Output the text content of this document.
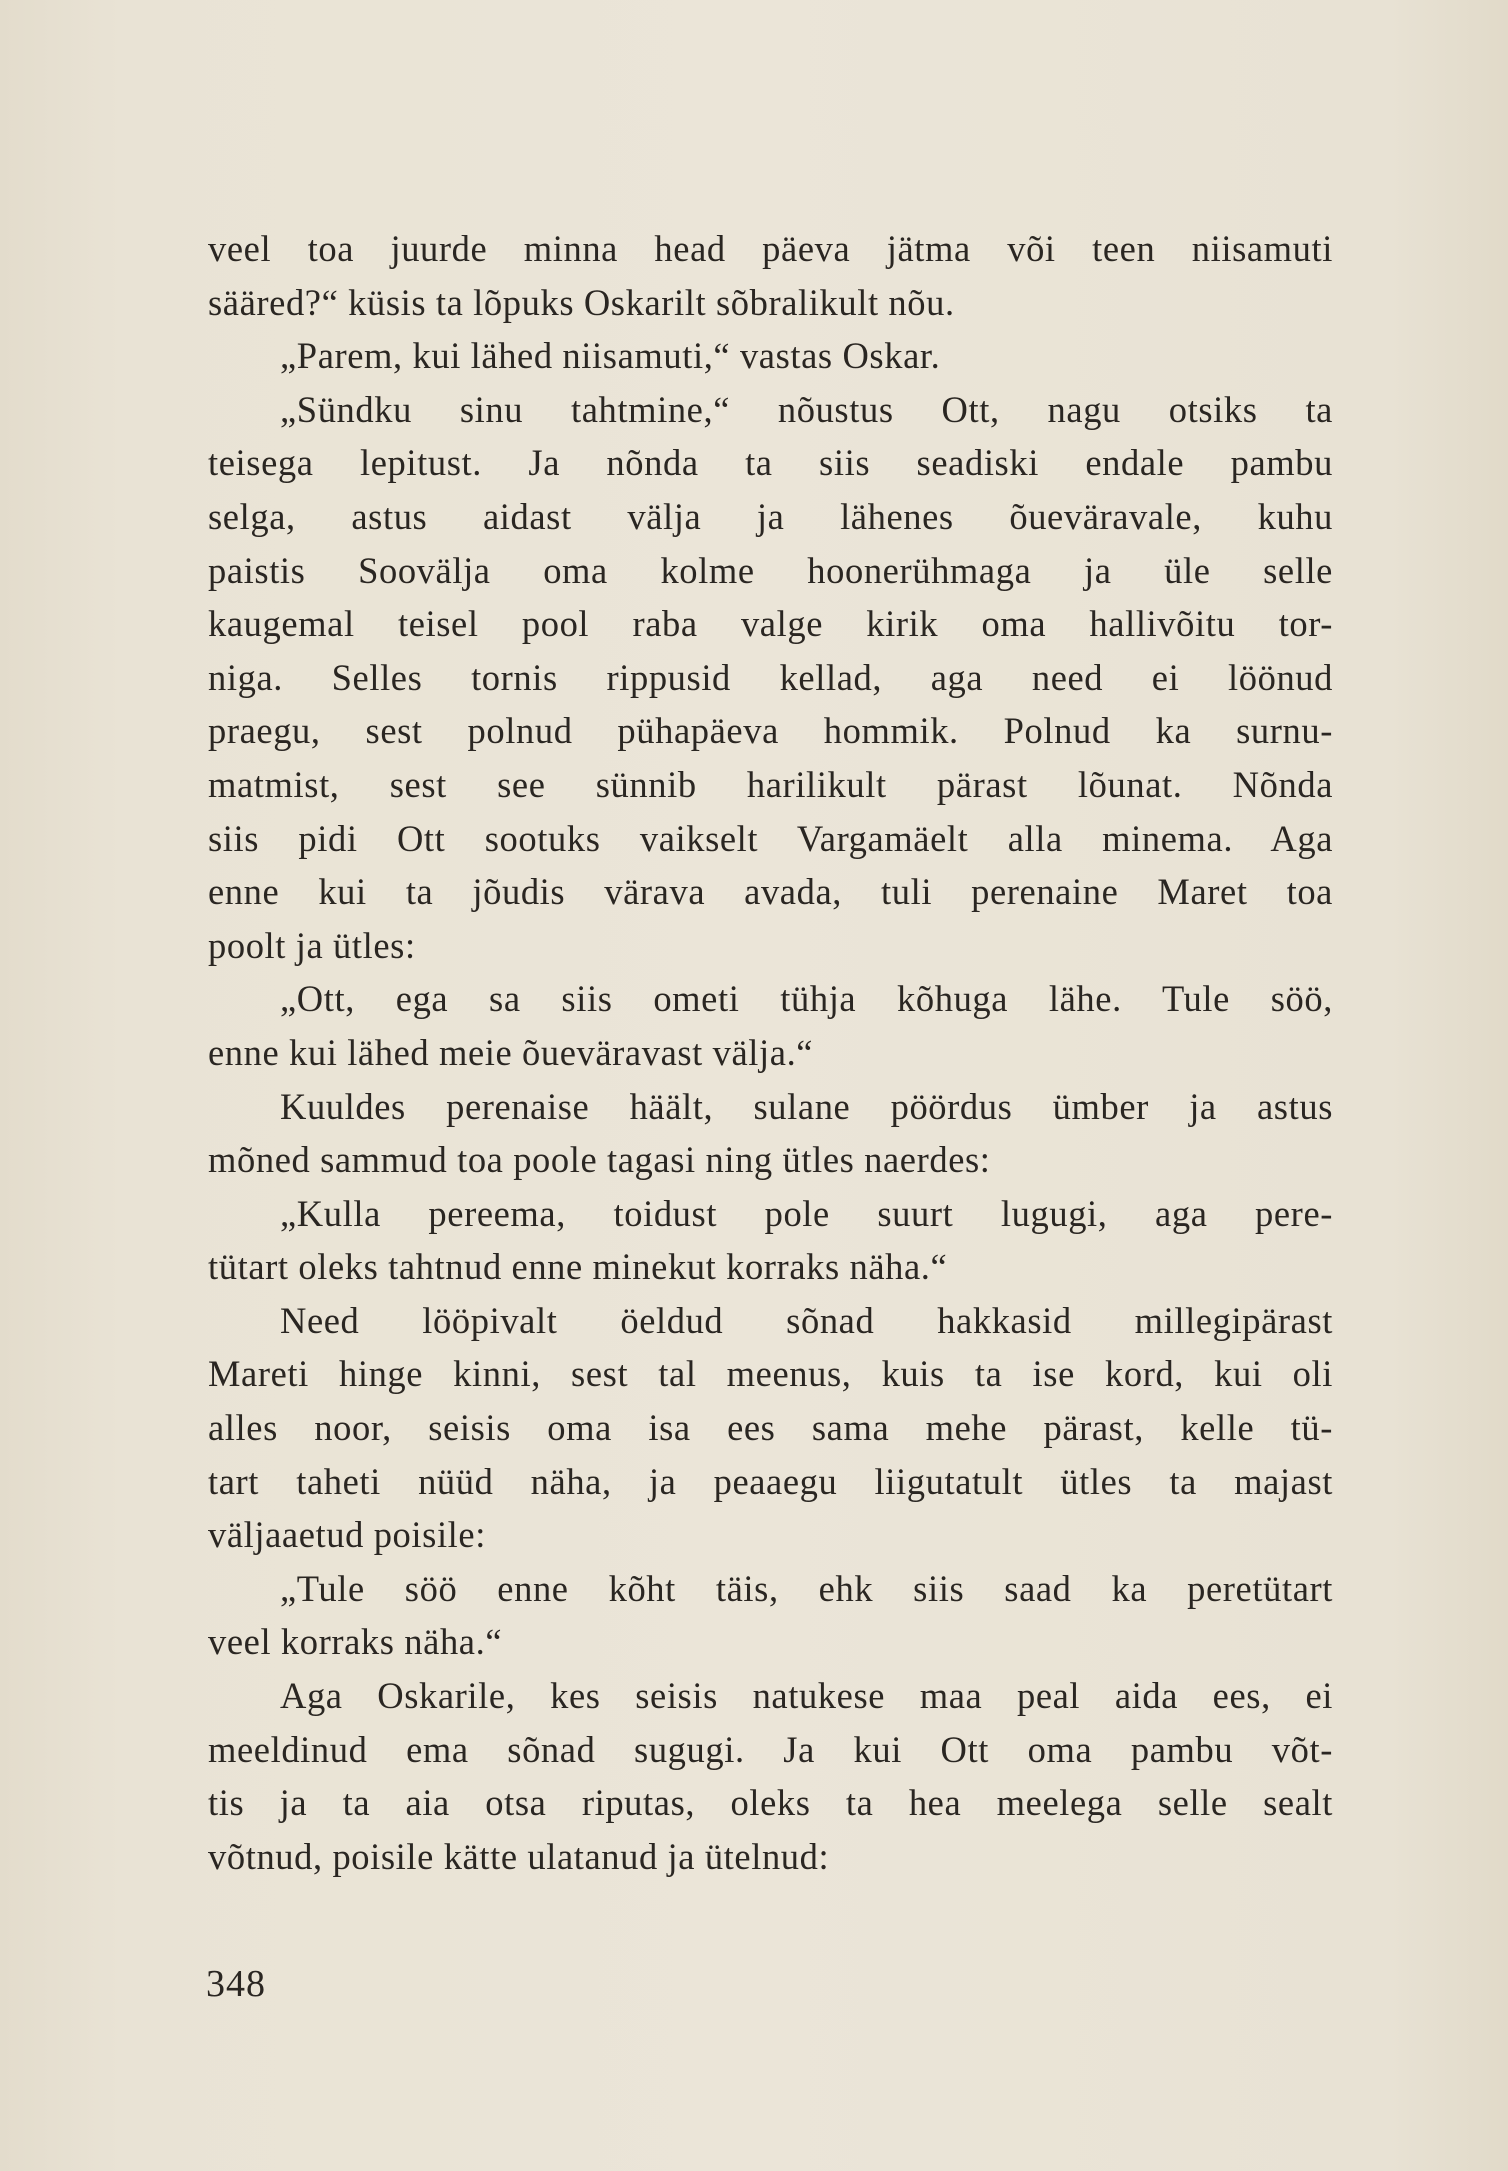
veel toa juurde minna head päeva jätma või teen niisamuti
sääred?“ küsis ta lõpuks Oskarilt sõbralikult nõu.
„Parem, kui lähed niisamuti,“ vastas Oskar.
„Sündku sinu tahtmine,“ nõustus Ott, nagu otsiks ta
teisega lepitust. Ja nõnda ta siis seadiski endale pambu
selga, astus aidast välja ja lähenes õueväravale, kuhu
paistis Soovälja oma kolme hoonerühmaga ja üle selle
kaugemal teisel pool raba valge kirik oma hallivõitu tor-
niga. Selles tornis rippusid kellad, aga need ei löönud
praegu, sest polnud pühapäeva hommik. Polnud ka surnu-
matmist, sest see sünnib harilikult pärast lõunat. Nõnda
siis pidi Ott sootuks vaikselt Vargamäelt alla minema. Aga
enne kui ta jõudis värava avada, tuli perenaine Maret toa
poolt ja ütles:
„Ott, ega sa siis ometi tühja kõhuga lähe. Tule söö,
enne kui lähed meie õueväravast välja.“
Kuuldes perenaise häält, sulane pöördus ümber ja astus
mõned sammud toa poole tagasi ning ütles naerdes:
„Kulla pereema, toidust pole suurt lugugi, aga pere-
tütart oleks tahtnud enne minekut korraks näha.“
Need lööpivalt öeldud sõnad hakkasid millegipärast
Mareti hinge kinni, sest tal meenus, kuis ta ise kord, kui oli
alles noor, seisis oma isa ees sama mehe pärast, kelle tü-
tart taheti nüüd näha, ja peaaegu liigutatult ütles ta majast
väljaaetud poisile:
„Tule söö enne kõht täis, ehk siis saad ka peretütart
veel korraks näha.“
Aga Oskarile, kes seisis natukese maa peal aida ees, ei
meeldinud ema sõnad sugugi. Ja kui Ott oma pambu võt-
tis ja ta aia otsa riputas, oleks ta hea meelega selle sealt
võtnud, poisile kätte ulatanud ja ütelnud:
348
